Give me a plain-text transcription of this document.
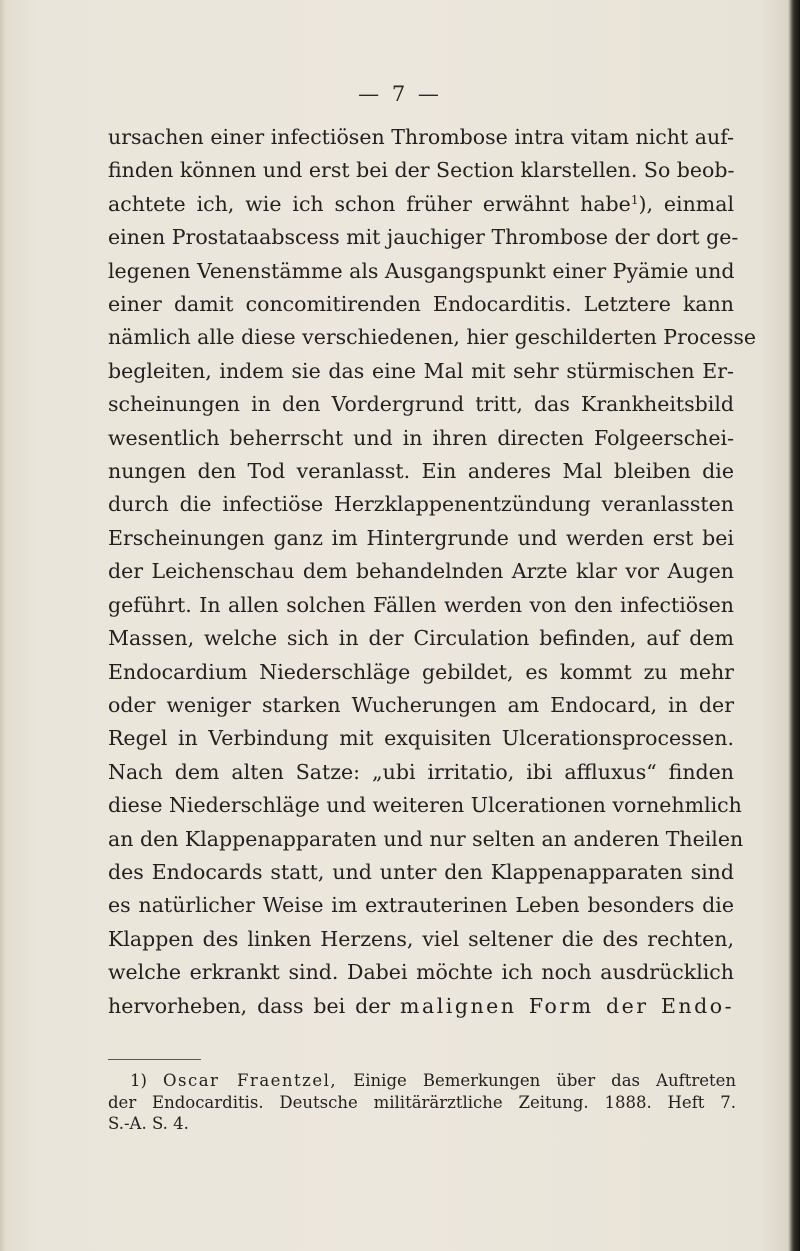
— 7 —
ursachen einer infectiösen Thrombose intra vitam nicht auf-
finden können und erst bei der Section klarstellen. So beob-
achtete ich, wie ich schon früher erwähnt habe$^1$), einmal
einen Prostataabscess mit jauchiger Thrombose der dort ge-
legenen Venenstämme als Ausgangspunkt einer Pyämie und
einer damit concomitirenden Endocarditis. Letztere kann
nämlich alle diese verschiedenen, hier geschilderten Processe
begleiten, indem sie das eine Mal mit sehr stürmischen Er-
scheinungen in den Vordergrund tritt, das Krankheitsbild
wesentlich beherrscht und in ihren directen Folgeerschei-
nungen den Tod veranlasst. Ein anderes Mal bleiben die
durch die infectiöse Herzklappenentzündung veranlassten
Erscheinungen ganz im Hintergrunde und werden erst bei
der Leichenschau dem behandelnden Arzte klar vor Augen
geführt. In allen solchen Fällen werden von den infectiösen
Massen, welche sich in der Circulation befinden, auf dem
Endocardium Niederschläge gebildet, es kommt zu mehr
oder weniger starken Wucherungen am Endocard, in der
Regel in Verbindung mit exquisiten Ulcerationsprocessen.
Nach dem alten Satze: „ubi irritatio, ibi affluxus“ finden
diese Niederschläge und weiteren Ulcerationen vornehmlich
an den Klappenapparaten und nur selten an anderen Theilen
des Endocards statt, und unter den Klappenapparaten sind
es natürlicher Weise im extrauterinen Leben besonders die
Klappen des linken Herzens, viel seltener die des rechten,
welche erkrankt sind. Dabei möchte ich noch ausdrücklich
hervorheben, dass bei der malignen Form der Endo-
1) Oscar Fraentzel, Einige Bemerkungen über das Auftreten
der Endocarditis. Deutsche militärärztliche Zeitung. 1888. Heft 7.
S.-A. S. 4.
